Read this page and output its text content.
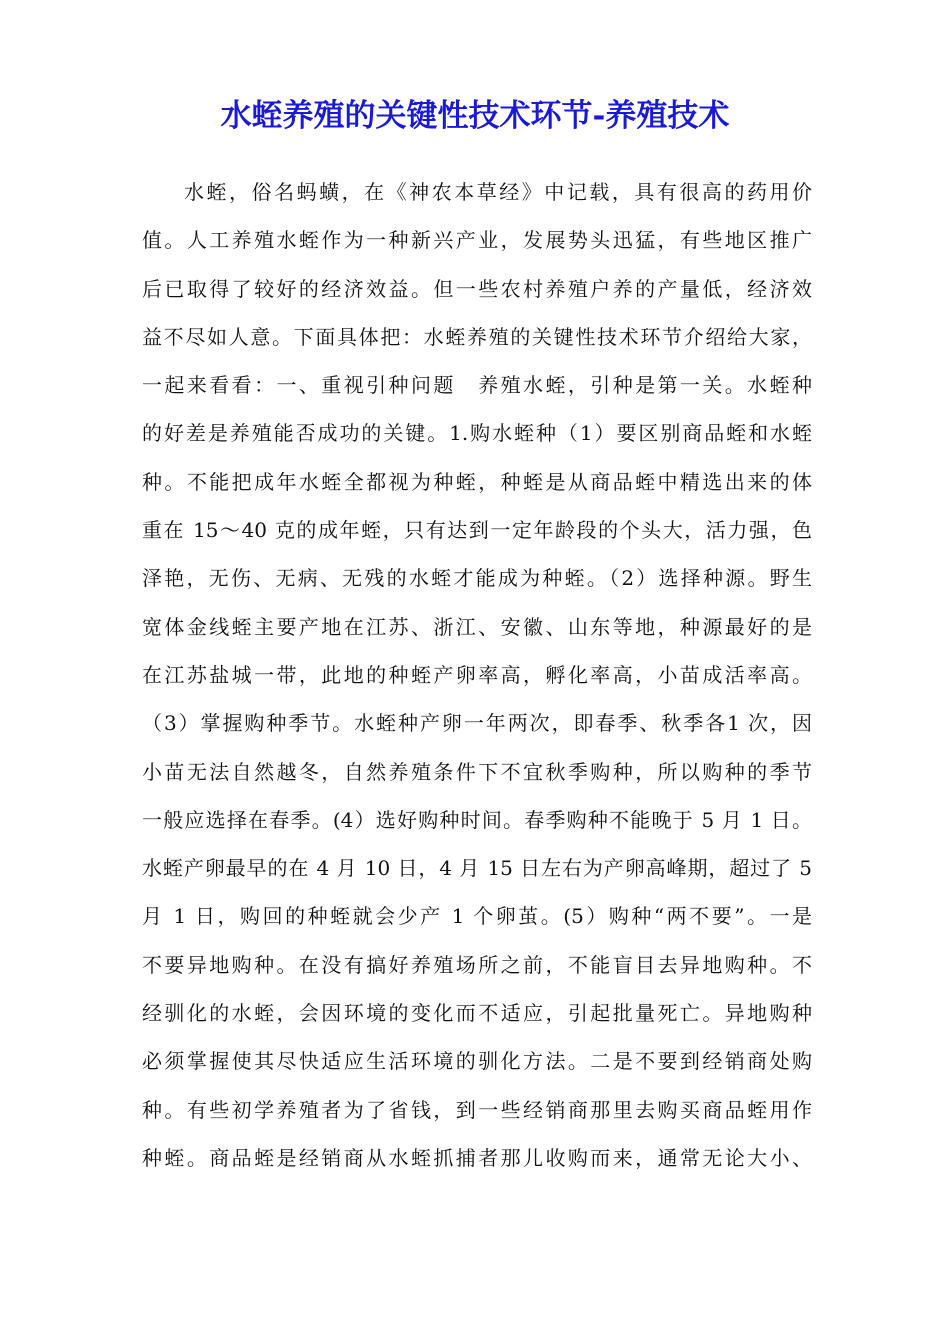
水蛭养殖的关键性技术环节-养殖技术
水蛭，俗名蚂蟥，在《神农本草经》中记载，具有很高的药用价
值。人工养殖水蛭作为一种新兴产业，发展势头迅猛，有些地区推广
后已取得了较好的经济效益。但一些农村养殖户养的产量低，经济效
益不尽如人意。下面具体把：水蛭养殖的关键性技术环节介绍给大家，
一起来看看：一、重视引种问题　养殖水蛭，引种是第一关。水蛭种
的好差是养殖能否成功的关键。1.购水蛭种（1）要区别商品蛭和水蛭
种。不能把成年水蛭全都视为种蛭，种蛭是从商品蛭中精选出来的体
重在 15～40 克的成年蛭，只有达到一定年龄段的个头大，活力强，色
泽艳，无伤、无病、无残的水蛭才能成为种蛭。（2）选择种源。野生
宽体金线蛭主要产地在江苏、浙江、安徽、山东等地，种源最好的是
在江苏盐城一带，此地的种蛭产卵率高，孵化率高，小苗成活率高。
（3）掌握购种季节。水蛭种产卵一年两次，即春季、秋季各1 次，因
小苗无法自然越冬，自然养殖条件下不宜秋季购种，所以购种的季节
一般应选择在春季。(4）选好购种时间。春季购种不能晚于 5 月 1 日。
水蛭产卵最早的在 4 月 10 日，4 月 15 日左右为产卵高峰期，超过了 5
月 1 日，购回的种蛭就会少产 1 个卵茧。(5）购种“两不要”。一是
不要异地购种。在没有搞好养殖场所之前，不能盲目去异地购种。不
经驯化的水蛭，会因环境的变化而不适应，引起批量死亡。异地购种
必须掌握使其尽快适应生活环境的驯化方法。二是不要到经销商处购
种。有些初学养殖者为了省钱，到一些经销商那里去购买商品蛭用作
种蛭。商品蛭是经销商从水蛭抓捕者那儿收购而来，通常无论大小、
